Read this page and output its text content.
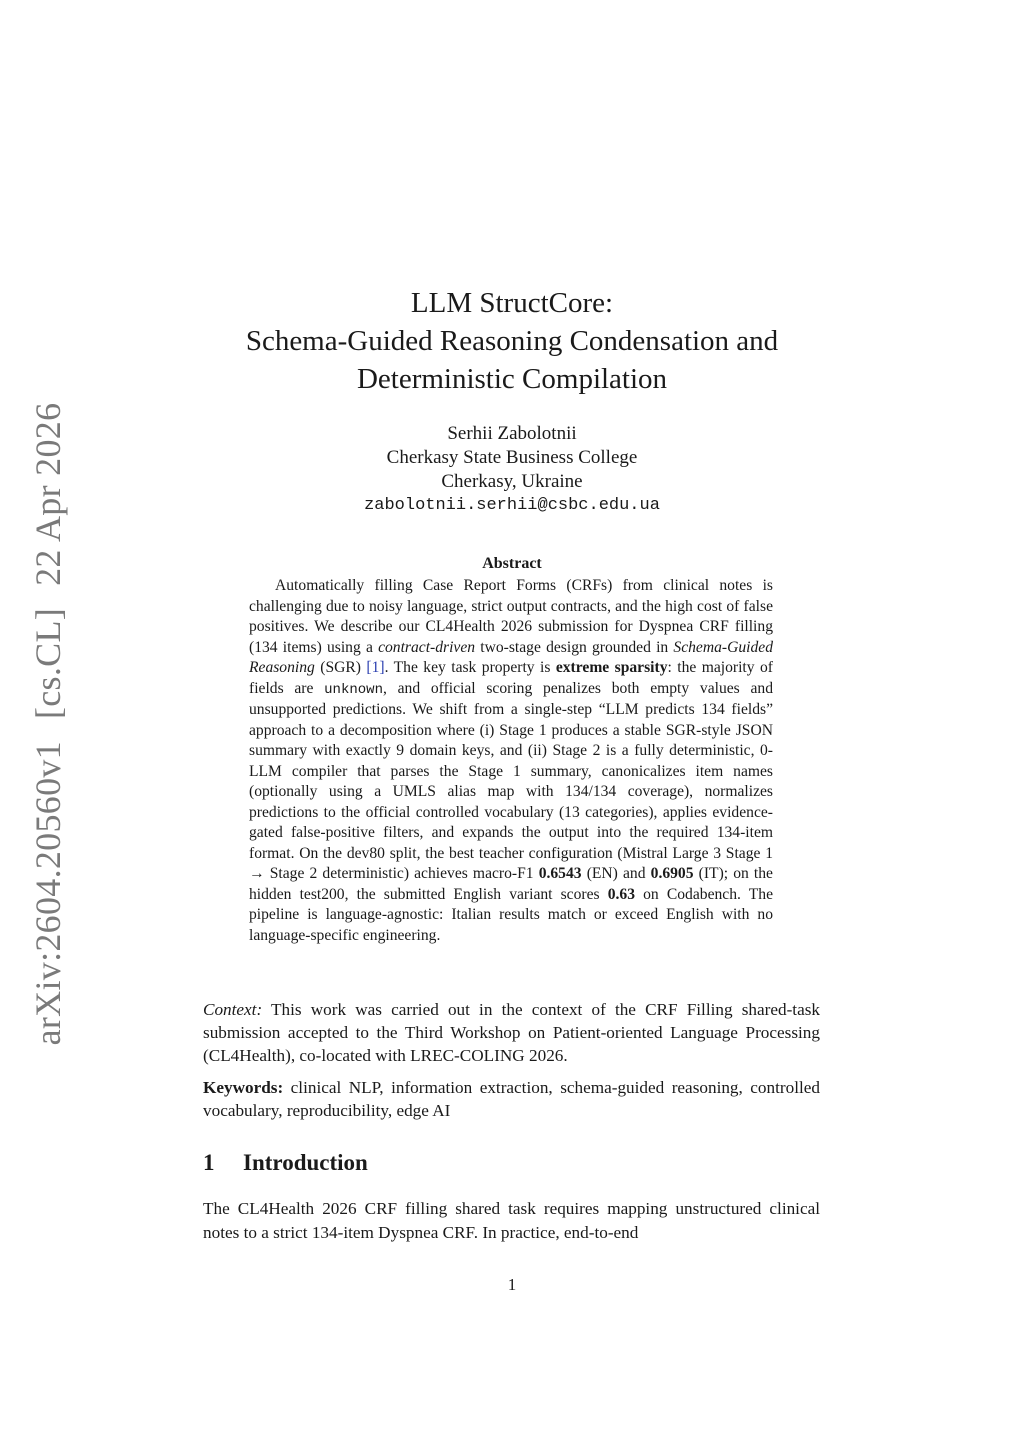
arXiv:2604.20560v1[cs.CL]22 Apr 2026
LLM StructCore:
Schema-Guided Reasoning Condensation and
Deterministic Compilation
Serhii Zabolotnii
Cherkasy State Business College
Cherkasy, Ukraine
zabolotnii.serhii@csbc.edu.ua
Abstract

Automatically filling Case Report Forms (CRFs) from clinical notes is challenging due to noisy language, strict output contracts, and the high cost of false positives. We describe our CL4Health 2026 submission for Dyspnea CRF filling (134 items) using a contract-driven two-stage design grounded in Schema-Guided Reasoning (SGR) [1]. The key task property is extreme sparsity: the majority of fields are unknown, and official scoring penalizes both empty values and unsupported predictions. We shift from a single-step “LLM predicts 134 fields” approach to a decomposition where (i) Stage 1 produces a stable SGR-style JSON summary with exactly 9 domain keys, and (ii) Stage 2 is a fully deterministic, 0-LLM compiler that parses the Stage 1 summary, canonicalizes item names (optionally using a UMLS alias map with 134/134 coverage), normalizes predictions to the official controlled vocabulary (13 categories), applies evidence-gated false-positive filters, and expands the output into the required 134-item format. On the dev80 split, the best teacher configuration (Mistral Large 3 Stage 1 → Stage 2 deterministic) achieves macro-F1 0.6543 (EN) and 0.6905 (IT); on the hidden test200, the submitted English variant scores 0.63 on Codabench. The pipeline is language-agnostic: Italian results match or exceed English with no language-specific engineering.

Context: This work was carried out in the context of the CRF Filling shared-task submission accepted to the Third Workshop on Patient-oriented Language Processing (CL4Health), co-located with LREC-COLING 2026.

Keywords: clinical NLP, information extraction, schema-guided reasoning, controlled vocabulary, reproducibility, edge AI

1 Introduction

The CL4Health 2026 CRF filling shared task requires mapping unstructured clinical notes to a strict 134-item Dyspnea CRF. In practice, end-to-end

1
